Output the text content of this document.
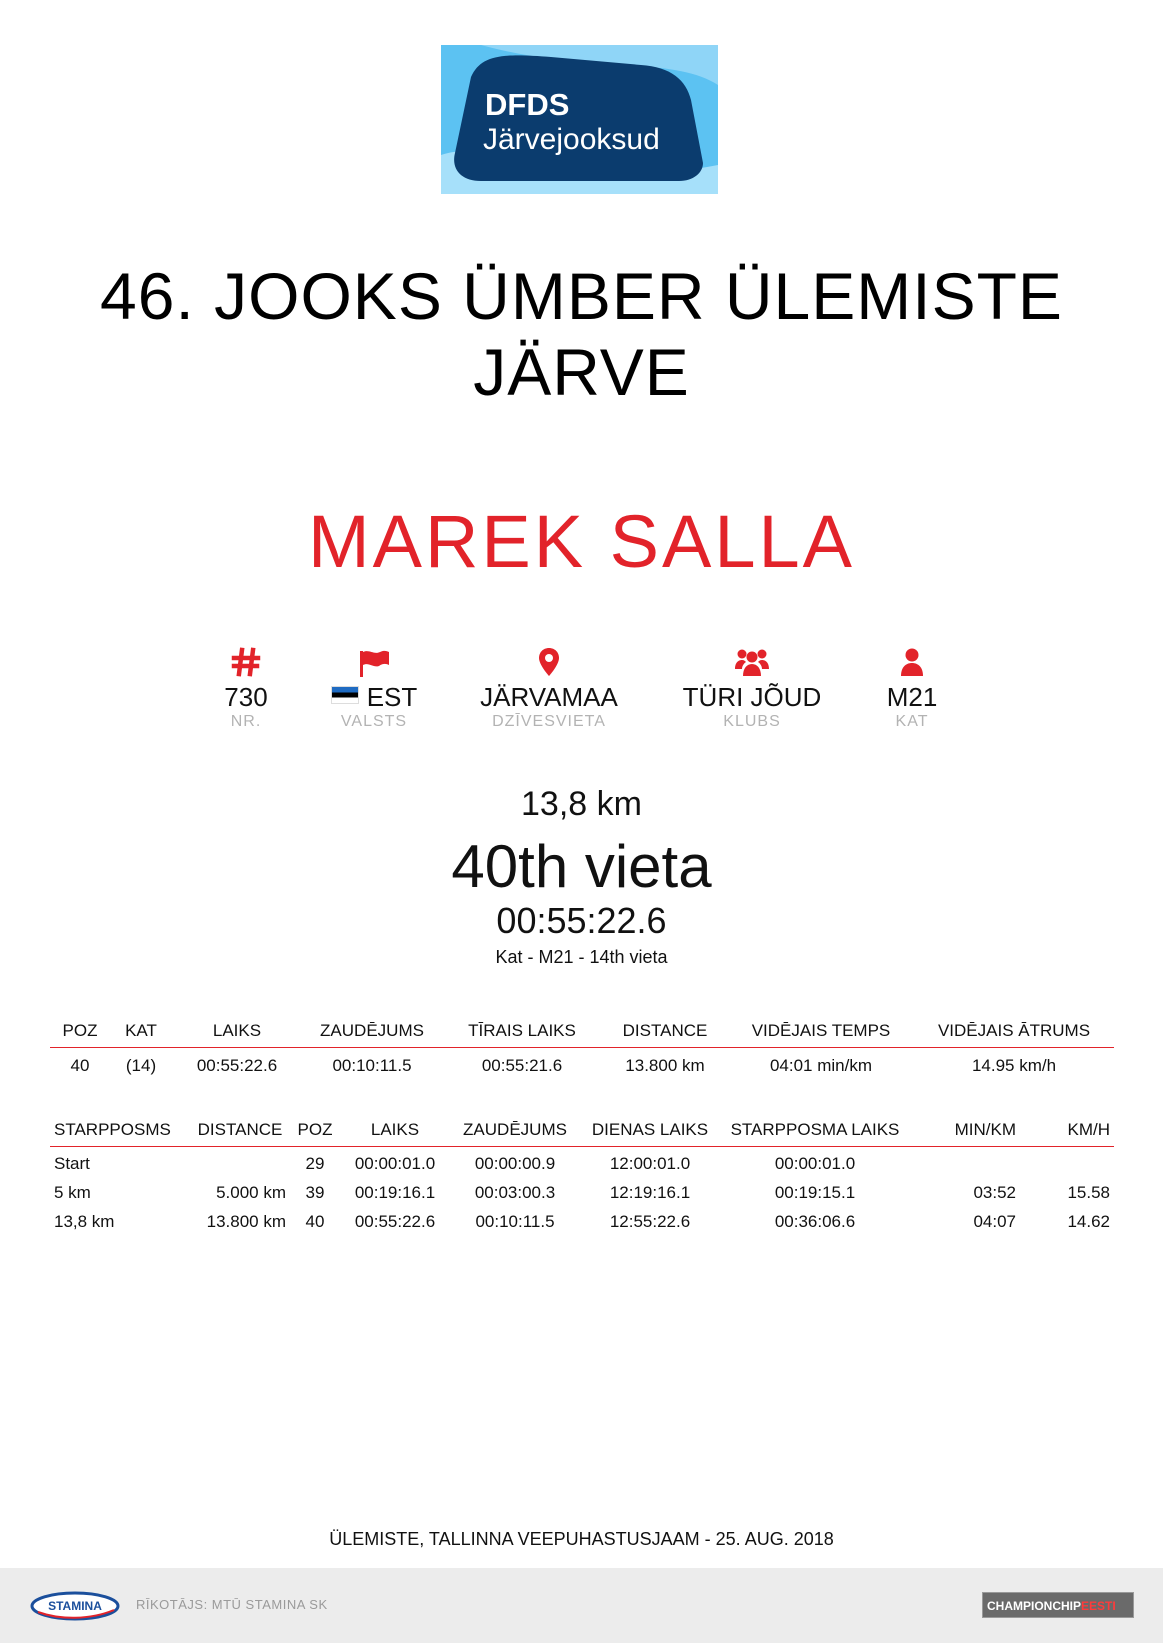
DFDS
Järvejooksud
46. JOOKS ÜMBER ÜLEMISTE JÄRVE
MAREK SALLA
730
NR.
EST
VALSTS
JÄRVAMAA
DZĪVESVIETA
TÜRI JÕUD
KLUBS
M21
KAT
13,8 km
40th vieta
00:55:22.6
Kat - M21 - 14th vieta
POZ	KAT	LAIKS	ZAUDĒJUMS	TĪRAIS LAIKS	DISTANCE	VIDĒJAIS TEMPS	VIDĒJAIS ĀTRUMS
40	(14)	00:55:22.6	00:10:11.5	00:55:21.6	13.800 km	04:01 min/km	14.95 km/h
STARPPOSMS	DISTANCE	POZ	LAIKS	ZAUDĒJUMS	DIENAS LAIKS	STARPPOSMA LAIKS	MIN/KM	KM/H
Start		29	00:00:01.0	00:00:00.9	12:00:01.0	00:00:01.0		
5 km	5.000 km	39	00:19:16.1	00:03:00.3	12:19:16.1	00:19:15.1	03:52	15.58
13,8 km	13.800 km	40	00:55:22.6	00:10:11.5	12:55:22.6	00:36:06.6	04:07	14.62
ÜLEMISTE, TALLINNA VEEPUHASTUSJAAM - 25. AUG. 2018
STAMINA	RĪKOTĀJS: MTŪ STAMINA SK	CHAMPIONCHIPEESTI
